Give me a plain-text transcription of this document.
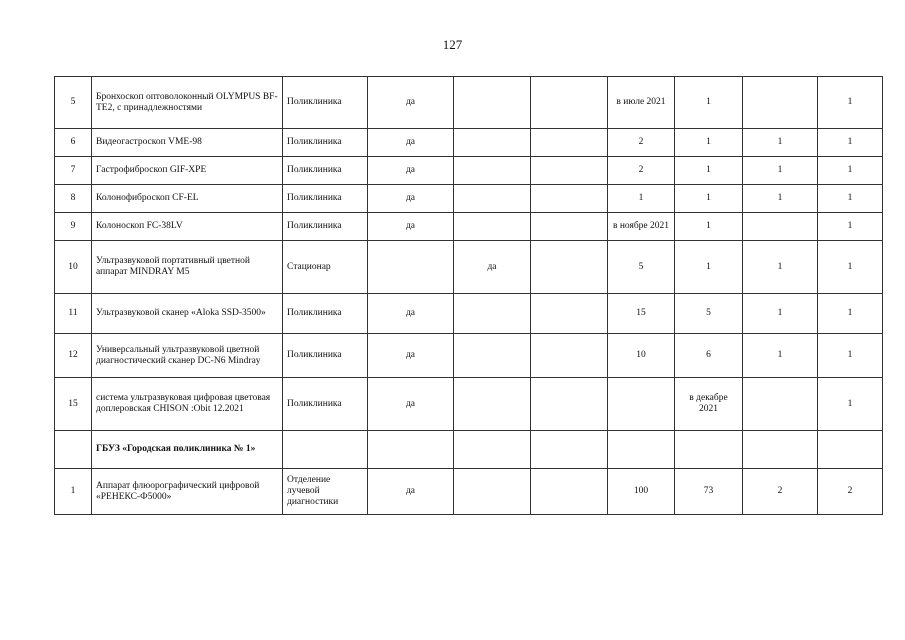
127
5	Бронхоскоп оптоволоконный OLYMPUS BF-TE2, с принадлежностями	Поликлиника	да			в июле 2021	1		1
6	Видеогастроскоп VME-98	Поликлиника	да			2	1	1	1
7	Гастрофиброскоп GIF-XPE	Поликлиника	да			2	1	1	1
8	Колонофиброскоп CF-EL	Поликлиника	да			1	1	1	1
9	Колоноскоп FC-38LV	Поликлиника	да			в ноябре 2021	1		1
10	Ультразвуковой портативный цветной аппарат MINDRAY M5	Стационар		да		5	1	1	1
11	Ультразвуковой сканер «Aloka SSD-3500»	Поликлиника	да			15	5	1	1
12	Универсальный ультразвуковой цветной диагностический сканер DC-N6 Mindray	Поликлиника	да			10	6	1	1
15	система ультразвуковая цифровая цветовая доплеровская CHISON :Obit 12.2021	Поликлиника	да				в декабре 2021		1
	ГБУЗ «Городская поликлиника № 1»								
1	Аппарат флюорографический цифровой «РЕНЕКС-Ф5000»	Отделение лучевой диагностики	да			100	73	2	2
